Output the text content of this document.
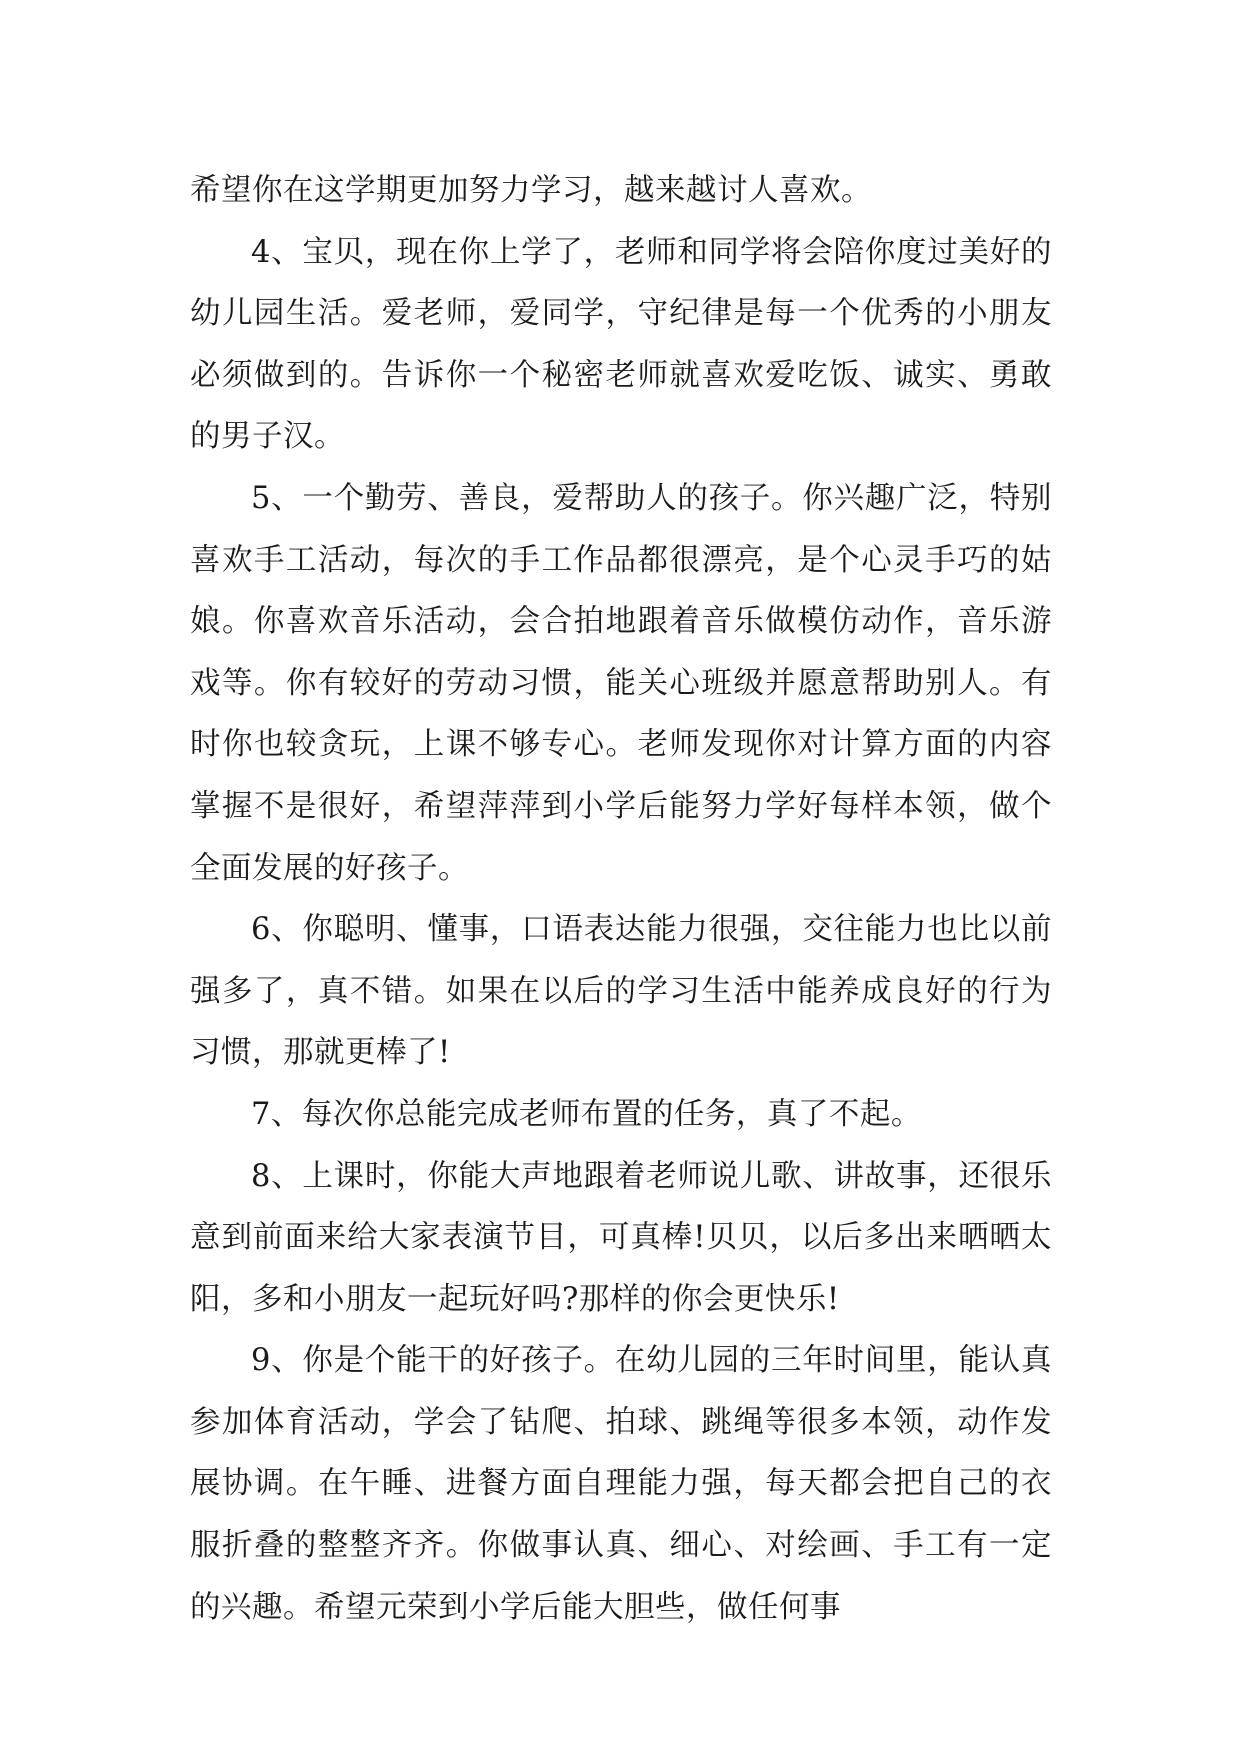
希望你在这学期更加努力学习，越来越讨人喜欢。

4、宝贝，现在你上学了，老师和同学将会陪你度过美好的幼儿园生活。爱老师，爱同学，守纪律是每一个优秀的小朋友必须做到的。告诉你一个秘密老师就喜欢爱吃饭、诚实、勇敢的男子汉。

5、一个勤劳、善良，爱帮助人的孩子。你兴趣广泛，特别喜欢手工活动，每次的手工作品都很漂亮，是个心灵手巧的姑娘。你喜欢音乐活动，会合拍地跟着音乐做模仿动作，音乐游戏等。你有较好的劳动习惯，能关心班级并愿意帮助别人。有时你也较贪玩，上课不够专心。老师发现你对计算方面的内容掌握不是很好，希望萍萍到小学后能努力学好每样本领，做个全面发展的好孩子。

6、你聪明、懂事，口语表达能力很强，交往能力也比以前强多了，真不错。如果在以后的学习生活中能养成良好的行为习惯，那就更棒了!

7、每次你总能完成老师布置的任务，真了不起。

8、上课时，你能大声地跟着老师说儿歌、讲故事，还很乐意到前面来给大家表演节目，可真棒!贝贝，以后多出来晒晒太阳，多和小朋友一起玩好吗?那样的你会更快乐!

9、你是个能干的好孩子。在幼儿园的三年时间里，能认真参加体育活动，学会了钻爬、拍球、跳绳等很多本领，动作发展协调。在午睡、进餐方面自理能力强，每天都会把自己的衣服折叠的整整齐齐。你做事认真、细心、对绘画、手工有一定的兴趣。希望元荣到小学后能大胆些，做任何事
